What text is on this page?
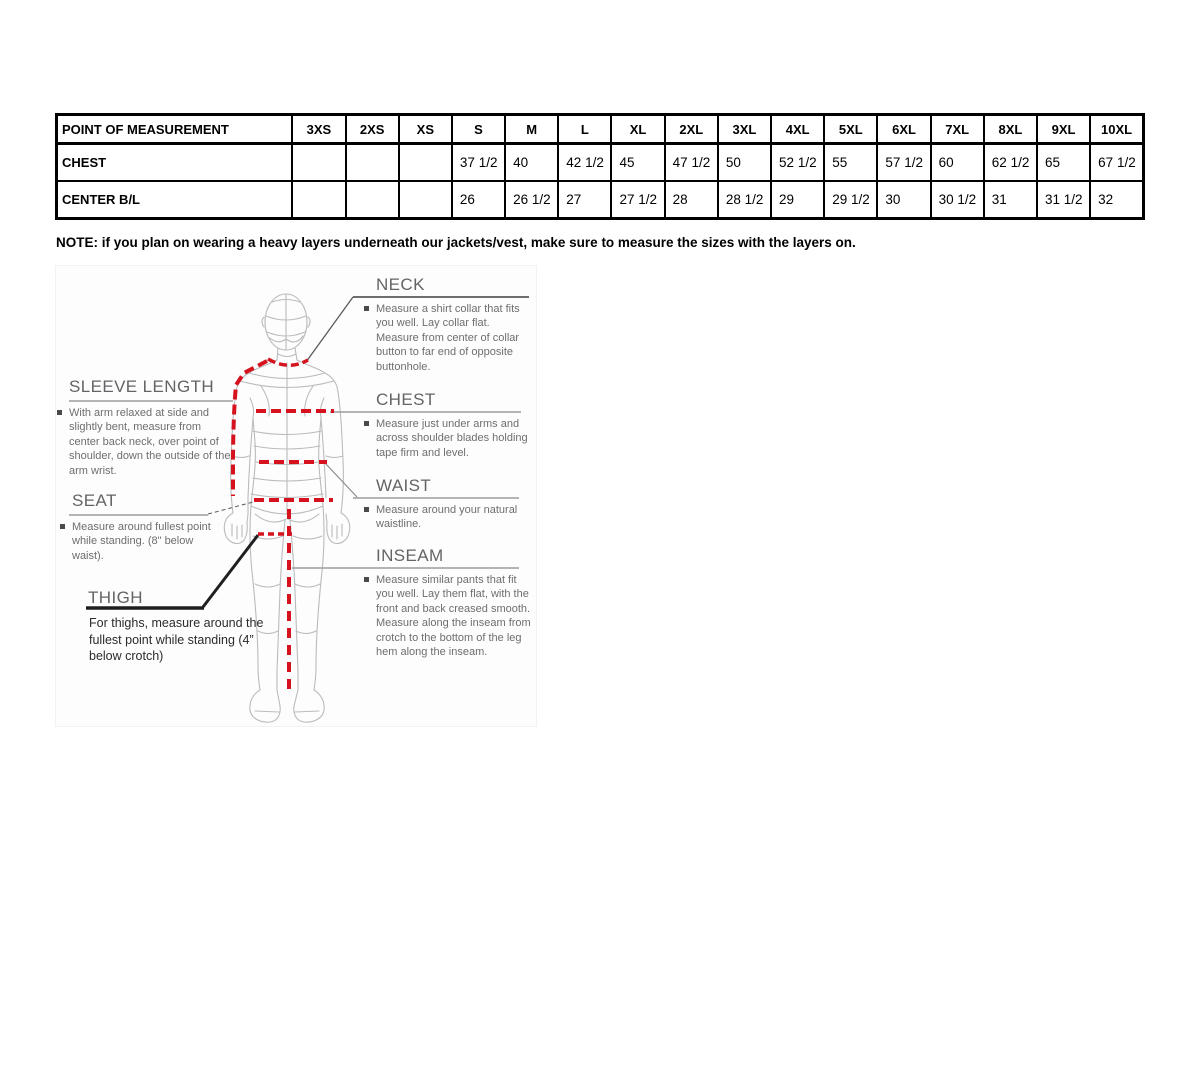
POINT OF MEASUREMENT	3XS	2XS	XS	S	M	L	XL	2XL	3XL	4XL	5XL	6XL	7XL	8XL	9XL	10XL
CHEST				37 1/2	40	42 1/2	45	47 1/2	50	52 1/2	55	57 1/2	60	62 1/2	65	67 1/2
CENTER B/L				26	26 1/2	27	27 1/2	28	28 1/2	29	29 1/2	30	30 1/2	31	31 1/2	32
NOTE: if you plan on wearing a heavy layers underneath our jackets/vest, make sure to measure the sizes with the layers on.
NECK
Measure a shirt collar that fits you well. Lay collar flat. Measure from center of collar button to far end of opposite buttonhole.
CHEST
Measure just under arms and across shoulder blades holding tape firm and level.
WAIST
Measure around your natural waistline.
INSEAM
Measure similar pants that fit you well. Lay them flat, with the front and back creased smooth. Measure along the inseam from crotch to the bottom of the leg hem along the inseam.
SLEEVE LENGTH
With arm relaxed at side and slightly bent, measure from center back neck, over point of shoulder, down the outside of the arm wrist.
SEAT
Measure around fullest point while standing. (8" below waist).
THIGH
For thighs, measure around the fullest point while standing (4” below crotch)
